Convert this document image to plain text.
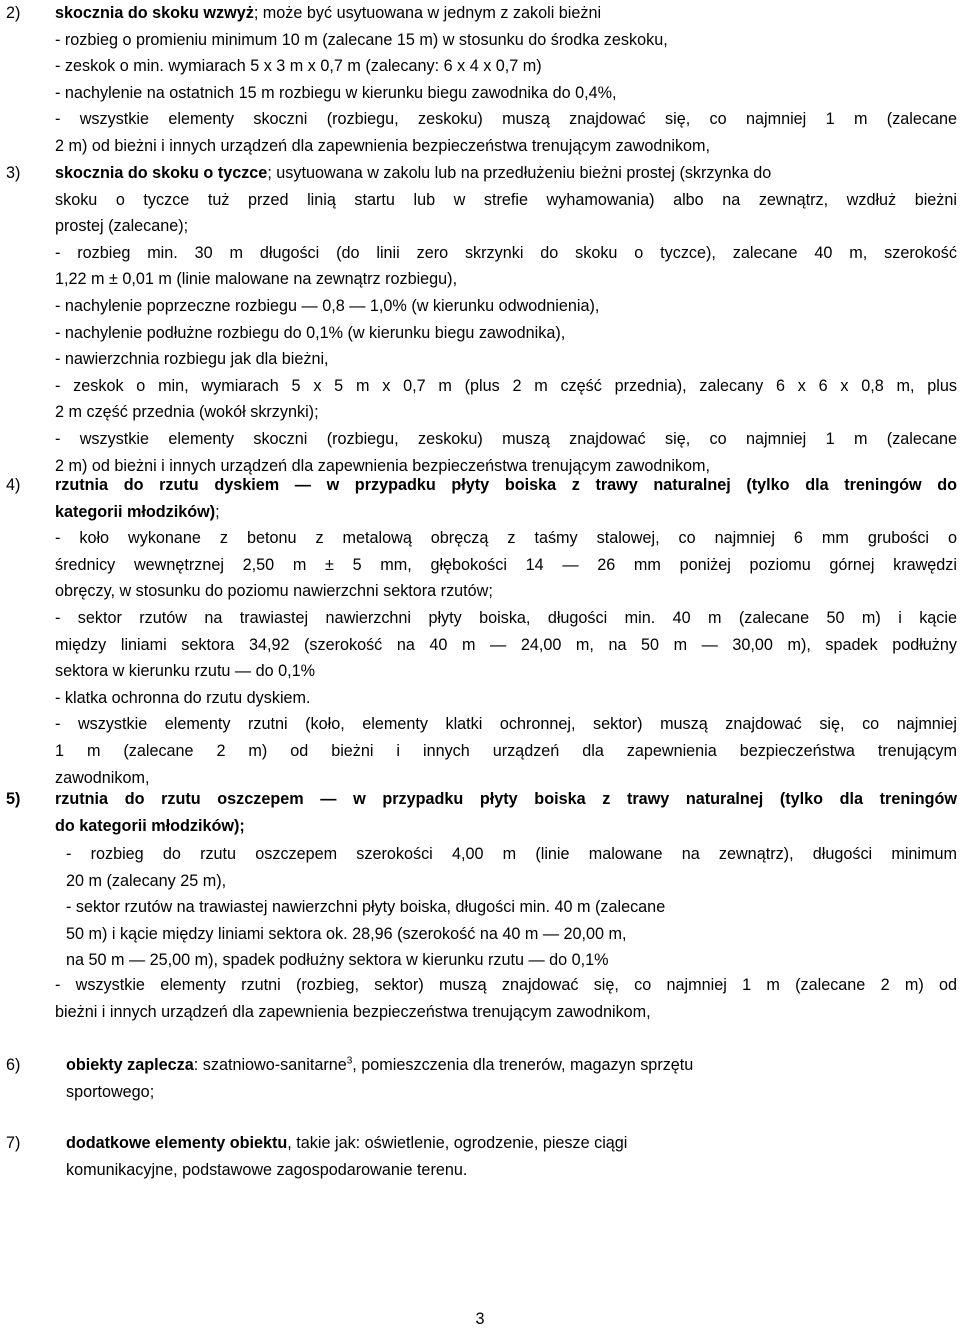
2)	skocznia do skoku wzwyż; może być usytuowana w jednym z zakoli bieżni
- rozbieg o promieniu minimum 10 m (zalecane 15 m) w stosunku do środka zeskoku,
- zeskok o min. wymiarach 5 x 3 m x 0,7 m (zalecany: 6 x 4 x 0,7 m)
- nachylenie na ostatnich 15 m rozbiegu w kierunku biegu zawodnika do 0,4%,
- wszystkie elementy skoczni (rozbiegu, zeskoku) muszą znajdować się, co najmniej 1 m (zalecane
2 m) od bieżni i innych urządzeń dla zapewnienia bezpieczeństwa trenującym zawodnikom,
3)	skocznia do skoku o tyczce; usytuowana w zakolu lub na przedłużeniu bieżni prostej (skrzynka do
skoku o tyczce tuż przed linią startu lub w strefie wyhamowania) albo na zewnątrz, wzdłuż bieżni
prostej (zalecane);
- rozbieg min. 30 m długości (do linii zero skrzynki do skoku o tyczce), zalecane 40 m, szerokość
1,22 m ± 0,01 m (linie malowane na zewnątrz rozbiegu),
- nachylenie poprzeczne rozbiegu — 0,8 — 1,0% (w kierunku odwodnienia),
- nachylenie podłużne rozbiegu do 0,1% (w kierunku biegu zawodnika),
- nawierzchnia rozbiegu jak dla bieżni,
- zeskok o min, wymiarach 5 x 5 m x 0,7 m (plus 2 m część przednia), zalecany 6 x 6 x 0,8 m, plus
2 m część przednia (wokół skrzynki);
- wszystkie elementy skoczni (rozbiegu, zeskoku) muszą znajdować się, co najmniej 1 m (zalecane
2 m) od bieżni i innych urządzeń dla zapewnienia bezpieczeństwa trenującym zawodnikom,
4)	rzutnia do rzutu dyskiem — w przypadku płyty boiska z trawy naturalnej (tylko dla treningów do
kategorii młodzików);
- koło wykonane z betonu z metalową obręczą z taśmy stalowej, co najmniej 6 mm grubości o
średnicy wewnętrznej 2,50 m ± 5 mm, głębokości 14 — 26 mm poniżej poziomu górnej krawędzi
obręczy, w stosunku do poziomu nawierzchni sektora rzutów;
- sektor rzutów na trawiastej nawierzchni płyty boiska, długości min. 40 m (zalecane 50 m) i kącie
między liniami sektora 34,92 (szerokość na 40 m — 24,00 m, na 50 m — 30,00 m), spadek podłużny
sektora w kierunku rzutu — do 0,1%
- klatka ochronna do rzutu dyskiem.
- wszystkie elementy rzutni (koło, elementy klatki ochronnej, sektor) muszą znajdować się, co najmniej
1 m (zalecane 2 m) od bieżni i innych urządzeń dla zapewnienia bezpieczeństwa trenującym
zawodnikom,
5)	rzutnia do rzutu oszczepem — w przypadku płyty boiska z trawy naturalnej (tylko dla treningów
do kategorii młodzików);
- rozbieg do rzutu oszczepem szerokości 4,00 m (linie malowane na zewnątrz), długości minimum
20 m (zalecany 25 m),
- sektor rzutów na trawiastej nawierzchni płyty boiska, długości min. 40 m (zalecane
50 m) i kącie między liniami sektora ok. 28,96 (szerokość na 40 m — 20,00 m,
na 50 m — 25,00 m), spadek podłużny sektora w kierunku rzutu — do 0,1%
- wszystkie elementy rzutni (rozbieg, sektor) muszą znajdować się, co najmniej 1 m (zalecane 2 m) od
bieżni i innych urządzeń dla zapewnienia bezpieczeństwa trenującym zawodnikom,
6)	obiekty zaplecza: szatniowo-sanitarne$^3$, pomieszczenia dla trenerów, magazyn sprzętu
sportowego;
7)	dodatkowe elementy obiektu, takie jak: oświetlenie, ogrodzenie, piesze ciągi
komunikacyjne, podstawowe zagospodarowanie terenu.
3
